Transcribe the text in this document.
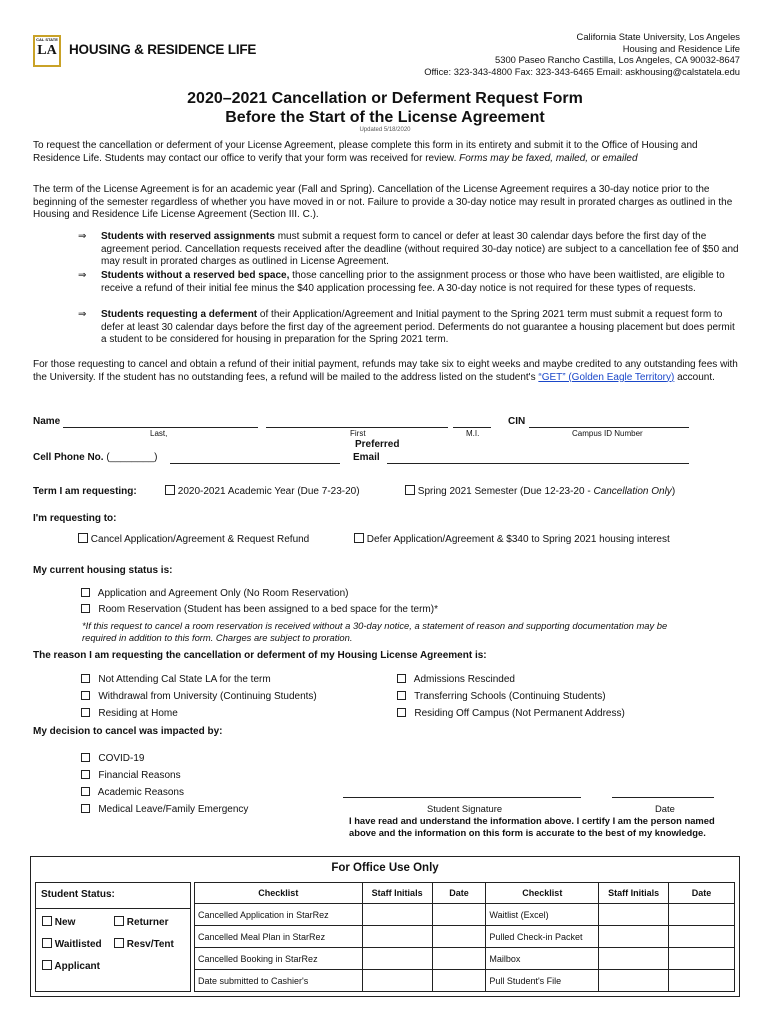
CAL STATE
LA HOUSING & RESIDENCE LIFE
California State University, Los Angeles
Housing and Residence Life
5300 Paseo Rancho Castilla, Los Angeles, CA 90032-8647
Office: 323-343-4800 Fax: 323-343-6465 Email: askhousing@calstatela.edu
2020–2021 Cancellation or Deferment Request Form
Before the Start of the License Agreement
Updated 5/18/2020
To request the cancellation or deferment of your License Agreement, please complete this form in its entirety and submit it to the Office of Housing and Residence Life. Students may contact our office to verify that your form was received for review. Forms may be faxed, mailed, or emailed
The term of the License Agreement is for an academic year (Fall and Spring). Cancellation of the License Agreement requires a 30-day notice prior to the beginning of the semester regardless of whether you have moved in or not. Failure to provide a 30-day notice may result in prorated charges as outlined in the Housing and Residence Life License Agreement (Section III. C.).
⇒ Students with reserved assignments must submit a request form to cancel or defer at least 30 calendar days before the first day of the agreement period. Cancellation requests received after the deadline (without required 30-day notice) are subject to a cancellation fee of $50 and may result in prorated charges as outlined in License Agreement.
⇒ Students without a reserved bed space, those cancelling prior to the assignment process or those who have been waitlisted, are eligible to receive a refund of their initial fee minus the $40 application processing fee. A 30-day notice is not required for these types of requests.
⇒ Students requesting a deferment of their Application/Agreement and Initial payment to the Spring 2021 term must submit a request form to defer at least 30 calendar days before the first day of the agreement period. Deferments do not guarantee a housing placement but does permit a student to be considered for housing in preparation for the Spring 2021 term.
For those requesting to cancel and obtain a refund of their initial payment, refunds may take six to eight weeks and maybe credited to any outstanding fees with the University. If the student has no outstanding fees, a refund will be mailed to the address listed on the student's “GET” (Golden Eagle Territory) account.
Name	CIN
Last,	First	M.I.	Campus ID Number
Cell Phone No. (________)
Preferred
Email
Term I am requesting:	2020-2021 Academic Year (Due 7-23-20)	Spring 2021 Semester (Due 12-23-20 - Cancellation Only)
I'm requesting to:
Cancel Application/Agreement & Request Refund	Defer Application/Agreement & $340 to Spring 2021 housing interest
My current housing status is:
Application and Agreement Only (No Room Reservation)
Room Reservation (Student has been assigned to a bed space for the term)*
*If this request to cancel a room reservation is received without a 30-day notice, a statement of reason and supporting documentation may be required in addition to this form. Charges are subject to proration.
The reason I am requesting the cancellation or deferment of my Housing License Agreement is:
Not Attending Cal State LA for the term
Withdrawal from University (Continuing Students)
Residing at Home
Admissions Rescinded
Transferring Schools (Continuing Students)
Residing Off Campus (Not Permanent Address)
My decision to cancel was impacted by:
COVID-19
Financial Reasons
Academic Reasons
Medical Leave/Family Emergency	Student Signature	Date
I have read and understand the information above. I certify I am the person named above and the information on this form is accurate to the best of my knowledge.
For Office Use Only
Student Status:
New	Returner
Waitlisted	Resv/Tent
Applicant
Checklist	Staff Initials	Date	Checklist	Staff Initials	Date
Cancelled Application in StarRez			Waitlist (Excel)		
Cancelled Meal Plan in StarRez			Pulled Check-in Packet		
Cancelled Booking in StarRez			Mailbox		
Date submitted to Cashier's			Pull Student's File		
